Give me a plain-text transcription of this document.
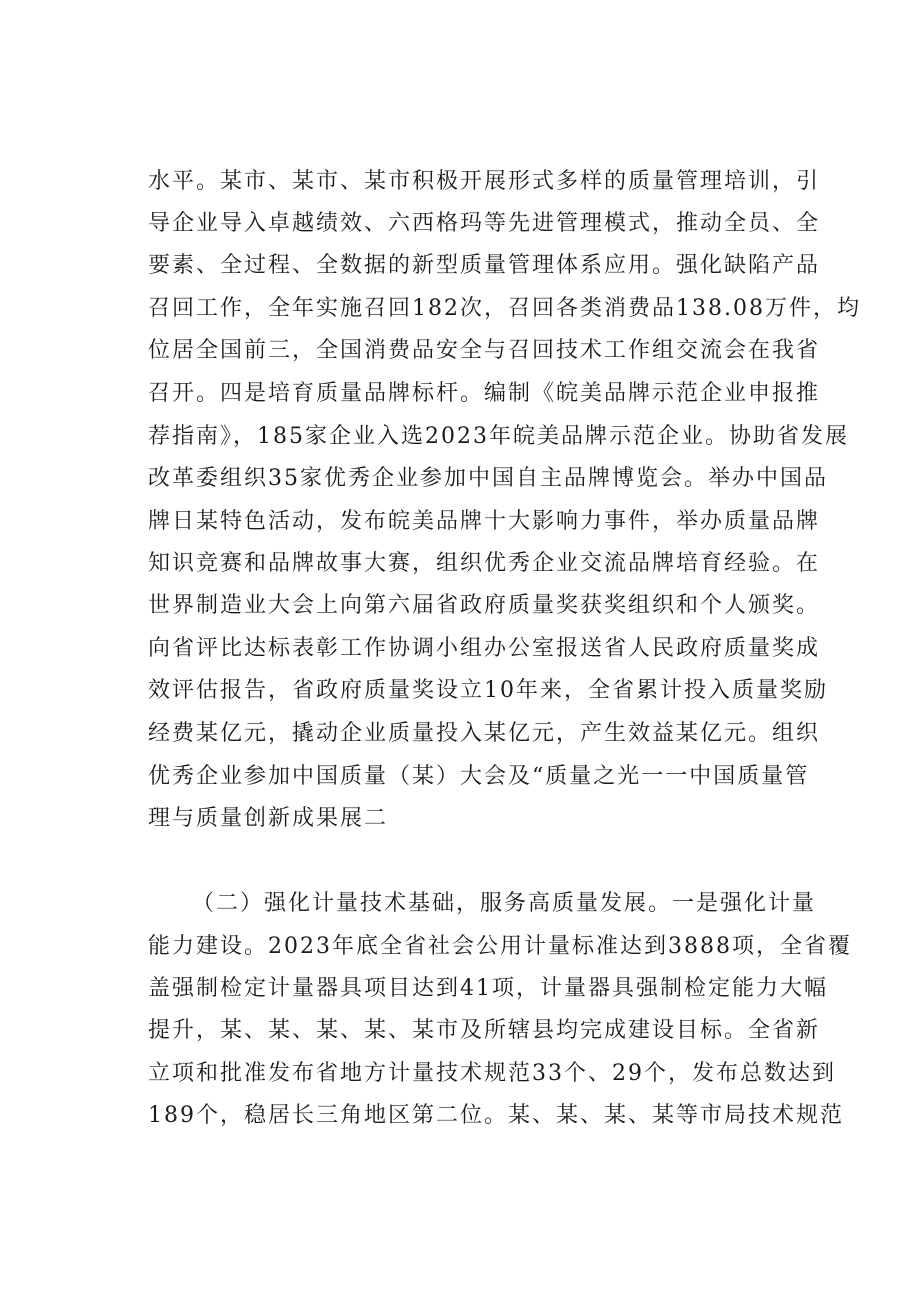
水平。某市、某市、某市积极开展形式多样的质量管理培训，引
导企业导入卓越绩效、六西格玛等先进管理模式，推动全员、全
要素、全过程、全数据的新型质量管理体系应用。强化缺陷产品
召回工作，全年实施召回182次，召回各类消费品138.08万件，均
位居全国前三，全国消费品安全与召回技术工作组交流会在我省
召开。四是培育质量品牌标杆。编制《皖美品牌示范企业申报推
荐指南》，185家企业入选2023年皖美品牌示范企业。协助省发展
改革委组织35家优秀企业参加中国自主品牌博览会。举办中国品
牌日某特色活动，发布皖美品牌十大影响力事件，举办质量品牌
知识竞赛和品牌故事大赛，组织优秀企业交流品牌培育经验。在
世界制造业大会上向第六届省政府质量奖获奖组织和个人颁奖。
向省评比达标表彰工作协调小组办公室报送省人民政府质量奖成
效评估报告，省政府质量奖设立10年来，全省累计投入质量奖励
经费某亿元，撬动企业质量投入某亿元，产生效益某亿元。组织
优秀企业参加中国质量（某）大会及“质量之光一一中国质量管
理与质量创新成果展二
（二）强化计量技术基础，服务高质量发展。一是强化计量
能力建设。2023年底全省社会公用计量标准达到3888项，全省覆
盖强制检定计量器具项目达到41项，计量器具强制检定能力大幅
提升，某、某、某、某、某市及所辖县均完成建设目标。全省新
立项和批准发布省地方计量技术规范33个、29个，发布总数达到
189个，稳居长三角地区第二位。某、某、某、某等市局技术规范
